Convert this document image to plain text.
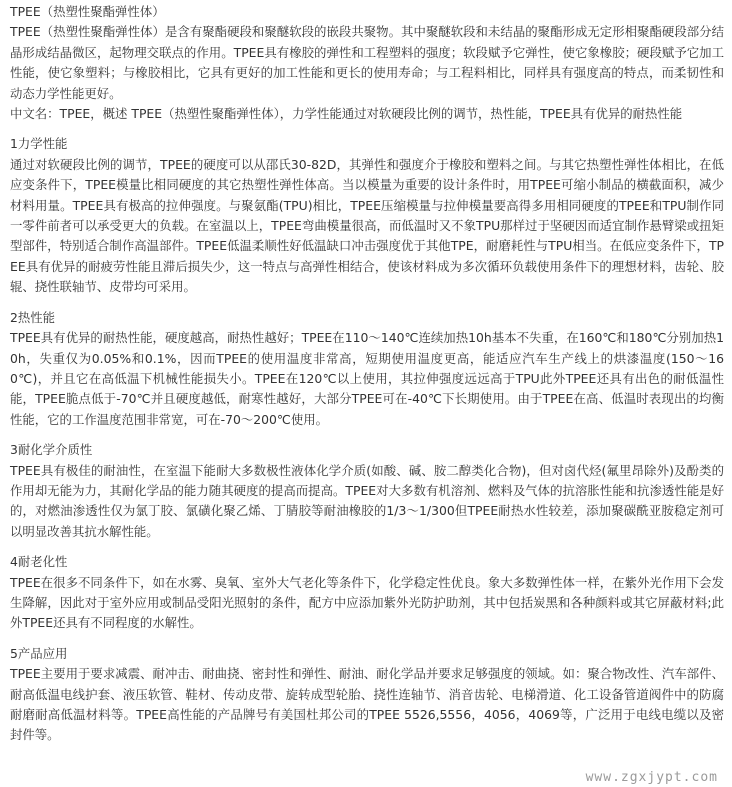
TPEE（热塑性聚酯弹性体）

TPEE（热塑性聚酯弹性体）是含有聚酯硬段和聚醚软段的嵌段共聚物。其中聚醚软段和未结晶的聚酯形成无定形相聚酯硬段部分结晶形成结晶微区，起物理交联点的作用。TPEE具有橡胶的弹性和工程塑料的强度；软段赋予它弹性，使它象橡胶；硬段赋予它加工性能，使它象塑料；与橡胶相比，它具有更好的加工性能和更长的使用寿命；与工程料相比，同样具有强度高的特点，而柔韧性和动态力学性能更好。

中文名：TPEE，概述 TPEE（热塑性聚酯弹性体），力学性能通过对软硬段比例的调节，热性能，TPEE具有优异的耐热性能

1力学性能

通过对软硬段比例的调节，TPEE的硬度可以从邵氏30-82D，其弹性和强度介于橡胶和塑料之间。与其它热塑性弹性体相比，在低应变条件下，TPEE模量比相同硬度的其它热塑性弹性体高。当以模量为重要的设计条件时，用TPEE可缩小制品的横截面积，减少材料用量。TPEE具有极高的拉伸强度。与聚氨酯(TPU)相比，TPEE压缩模量与拉伸模量要高得多用相同硬度的TPEE和TPU制作同一零件前者可以承受更大的负载。在室温以上，TPEE弯曲模量很高，而低温时又不象TPU那样过于坚硬因而适宜制作悬臂梁或扭矩型部件，特别适合制作高温部件。TPEE低温柔顺性好低温缺口冲击强度优于其他TPE，耐磨耗性与TPU相当。在低应变条件下，TPEE具有优异的耐疲劳性能且滞后损失少，这一特点与高弹性相结合，使该材料成为多次循环负载使用条件下的理想材料，齿轮、胶辊、挠性联轴节、皮带均可采用。

2热性能

TPEE具有优异的耐热性能，硬度越高，耐热性越好；TPEE在110～140℃连续加热10h基本不失重，在160℃和180℃分别加热10h，失重仅为0.05%和0.1%，因而TPEE的使用温度非常高，短期使用温度更高，能适应汽车生产线上的烘漆温度(150～160℃)，并且它在高低温下机械性能损失小。TPEE在120℃以上使用，其拉伸强度远远高于TPU此外TPEE还具有出色的耐低温性能，TPEE脆点低于-70℃并且硬度越低，耐寒性越好，大部分TPEE可在-40℃下长期使用。由于TPEE在高、低温时表现出的均衡性能，它的工作温度范围非常宽，可在-70～200℃使用。

3耐化学介质性

TPEE具有极佳的耐油性，在室温下能耐大多数极性液体化学介质(如酸、碱、胺二醇类化合物)，但对卤代烃(氟里昂除外)及酚类的作用却无能为力，其耐化学品的能力随其硬度的提高而提高。TPEE对大多数有机溶剂、燃料及气体的抗溶胀性能和抗渗透性能是好的，对燃油渗透性仅为氯丁胶、氯磺化聚乙烯、丁腈胶等耐油橡胶的1/3～1/300但TPEE耐热水性较差，添加聚碳酰亚胺稳定剂可以明显改善其抗水解性能。

4耐老化性

TPEE在很多不同条件下，如在水雾、臭氧、室外大气老化等条件下，化学稳定性优良。象大多数弹性体一样，在紫外光作用下会发生降解，因此对于室外应用或制品受阳光照射的条件，配方中应添加紫外光防护助剂，其中包括炭黑和各种颜料或其它屏蔽材料;此外TPEE还具有不同程度的水解性。

5产品应用

TPEE主要用于要求减震、耐冲击、耐曲挠、密封性和弹性、耐油、耐化学品并要求足够强度的领域。如：聚合物改性、汽车部件、耐高低温电线护套、液压软管、鞋材、传动皮带、旋转成型轮胎、挠性连轴节、消音齿轮、电梯滑道、化工设备管道阀件中的防腐耐磨耐高低温材料等。TPEE高性能的产品牌号有美国杜邦公司的TPEE 5526,5556，4056，4069等，广泛用于电线电缆以及密封件等。

www.zgxjypt.com
